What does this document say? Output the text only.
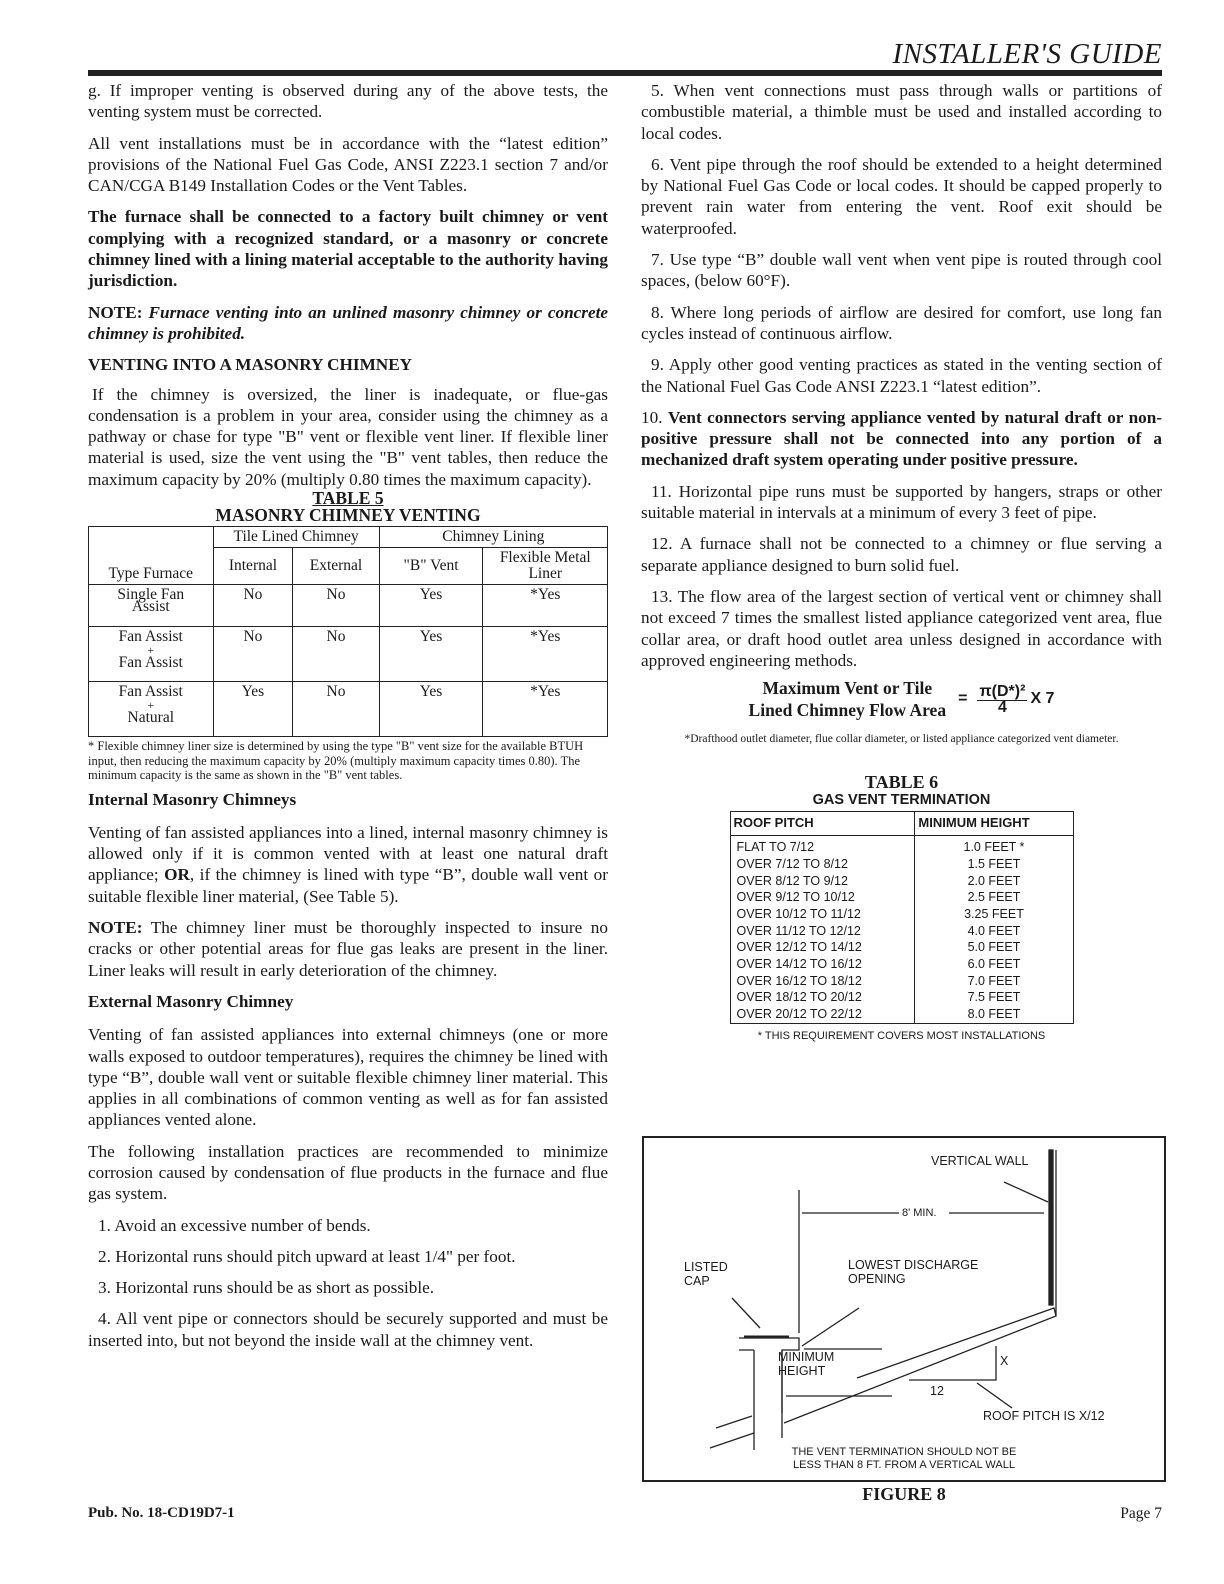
INSTALLER'S GUIDE

g. If improper venting is observed during any of the above tests, the venting system must be corrected.

All vent installations must be in accordance with the “latest edition” provisions of the National Fuel Gas Code, ANSI Z223.1 section 7 and/or CAN/CGA B149 Installation Codes or the Vent Tables.

The furnace shall be connected to a factory built chimney or vent complying with a recognized standard, or a masonry or concrete chimney lined with a lining material acceptable to the authority having jurisdiction.

NOTE: Furnace venting into an unlined masonry chimney or concrete chimney is prohibited.

VENTING INTO A MASONRY CHIMNEY

If the chimney is oversized, the liner is inadequate, or flue-gas condensation is a problem in your area, consider using the chimney as a pathway or chase for type "B" vent or flexible vent liner. If flexible liner material is used, size the vent using the "B" vent tables, then reduce the maximum capacity by 20% (multiply 0.80 times the maximum capacity).

TABLE 5
MASONRY CHIMNEY VENTING
Type Furnace	Tile Lined Chimney		Chimney Lining	
	Internal	External	"B" Vent	Flexible Metal Liner

Single Fan
Assist	No	No	Yes	*Yes

Fan Assist
+
Fan Assist	No	No	Yes	*Yes

Fan Assist
+
Natural	Yes	No	Yes	*Yes

* Flexible chimney liner size is determined by using the type "B" vent size for the available BTUH input, then reducing the maximum capacity by 20% (multiply maximum capacity times 0.80). The minimum capacity is the same as shown in the "B" vent tables.

Internal Masonry Chimneys

Venting of fan assisted appliances into a lined, internal masonry chimney is allowed only if it is common vented with at least one natural draft appliance; OR, if the chimney is lined with type “B”, double wall vent or suitable flexible liner material, (See Table 5).

NOTE: The chimney liner must be thoroughly inspected to insure no cracks or other potential areas for flue gas leaks are present in the liner. Liner leaks will result in early deterioration of the chimney.

External Masonry Chimney

Venting of fan assisted appliances into external chimneys (one or more walls exposed to outdoor temperatures), requires the chimney be lined with type “B”, double wall vent or suitable flexible chimney liner material. This applies in all combinations of common venting as well as for fan assisted appliances vented alone.

The following installation practices are recommended to minimize corrosion caused by condensation of flue products in the furnace and flue gas system.

1. Avoid an excessive number of bends.

2. Horizontal runs should pitch upward at least 1/4" per foot.

3. Horizontal runs should be as short as possible.

4. All vent pipe or connectors should be securely supported and must be inserted into, but not beyond the inside wall at the chimney vent.

5. When vent connections must pass through walls or partitions of combustible material, a thimble must be used and installed according to local codes.

6. Vent pipe through the roof should be extended to a height determined by National Fuel Gas Code or local codes. It should be capped properly to prevent rain water from entering the vent. Roof exit should be waterproofed.

7. Use type “B” double wall vent when vent pipe is routed through cool spaces, (below 60°F).

8. Where long periods of airflow are desired for comfort, use long fan cycles instead of continuous airflow.

9. Apply other good venting practices as stated in the venting section of the National Fuel Gas Code ANSI Z223.1 “latest edition”.

10. Vent connectors serving appliance vented by natural draft or non-positive pressure shall not be connected into any portion of a mechanized draft system operating under positive pressure.

11. Horizontal pipe runs must be supported by hangers, straps or other suitable material in intervals at a minimum of every 3 feet of pipe.

12. A furnace shall not be connected to a chimney or flue serving a separate appliance designed to burn solid fuel.

13. The flow area of the largest section of vertical vent or chimney shall not exceed 7 times the smallest listed appliance categorized vent area, flue collar area, or draft hood outlet area unless designed in accordance with approved engineering methods.

Maximum Vent or Tile
Lined Chimney Flow Area
= $\frac{\text{π(D*)²}}{4}$ X 7
*Drafthood outlet diameter, flue collar diameter, or listed appliance categorized vent diameter.
TABLE 6
GAS VENT TERMINATION
ROOF PITCH	MINIMUM HEIGHT
FLAT TO 7/12	1.0 FEET *
OVER 7/12 TO 8/12	1.5 FEET
OVER 8/12 TO 9/12	2.0 FEET
OVER 9/12 TO 10/12	2.5 FEET
OVER 10/12 TO 11/12	3.25 FEET
OVER 11/12 TO 12/12	4.0 FEET
OVER 12/12 TO 14/12	5.0 FEET
OVER 14/12 TO 16/12	6.0 FEET
OVER 16/12 TO 18/12	7.0 FEET
OVER 18/12 TO 20/12	7.5 FEET
OVER 20/12 TO 22/12	8.0 FEET
* THIS REQUIREMENT COVERS MOST INSTALLATIONS
VERTICAL WALL
8' MIN.
LISTED
CAP
LOWEST DISCHARGE
OPENING
MINIMUM
HEIGHT
X
12
ROOF PITCH IS X/12
THE VENT TERMINATION SHOULD NOT BE
LESS THAN 8 FT. FROM A VERTICAL WALL
FIGURE 8
Pub. No. 18-CD19D7-1	Page 7
